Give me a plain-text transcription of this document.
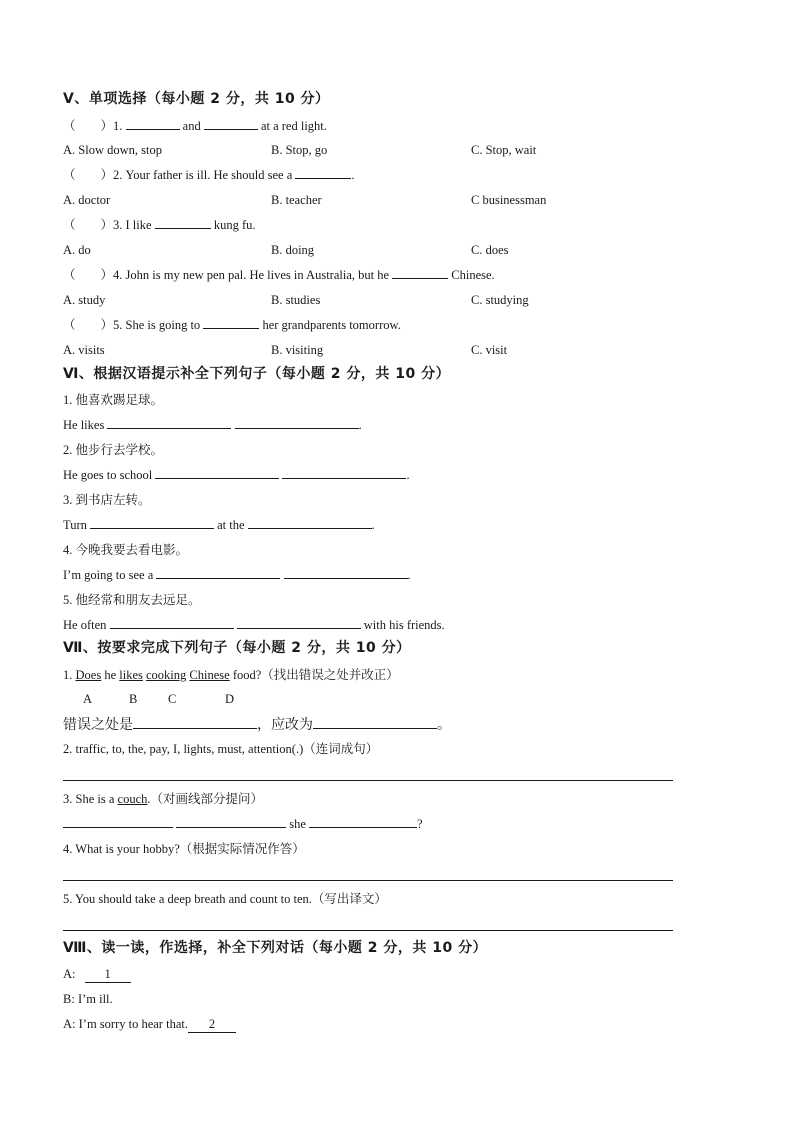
Ⅴ、单项选择（每小题 2 分，共 10 分）
（        ）1.	and	at a red light.
A. Slow down, stop	B. Stop, go	C. Stop, wait
（        ）2. Your father is ill. He should see a	.
A. doctor	B. teacher	C businessman
（        ）3. I like	kung fu.
A. do	B. doing	C. does
（        ）4. John is my new pen pal. He lives in Australia, but he	Chinese.
A. study	B. studies	C. studying
（        ）5. She is going to	her grandparents tomorrow.
A. visits	B. visiting	C. visit
Ⅵ、根据汉语提示补全下列句子（每小题 2 分，共 10 分）
1. 他喜欢踢足球。
He likes	.
2. 他步行去学校。
He goes to school	.
3. 到书店左转。
Turn	at the	.
4. 今晚我要去看电影。
I’m going to see a	.
5. 他经常和朋友去远足。
He often	with his friends.
Ⅶ、按要求完成下列句子（每小题 2 分，共 10 分）
1. Does he likes cooking Chinese food?（找出错误之处并改正）
A	B C	D
错误之处是	，应改为	。
2. traffic, to, the, pay, I, lights, must, attention(.)（连词成句）
3. She is a couch.（对画线部分提问）
she	?
4. What is your hobby?（根据实际情况作答）
5. You should take a deep breath and count to ten.（写出译文）
Ⅷ、读一读，作选择，补全下列对话（每小题 2 分，共 10 分）
A: 1
B: I’m ill.
A: I’m sorry to hear that. 2
